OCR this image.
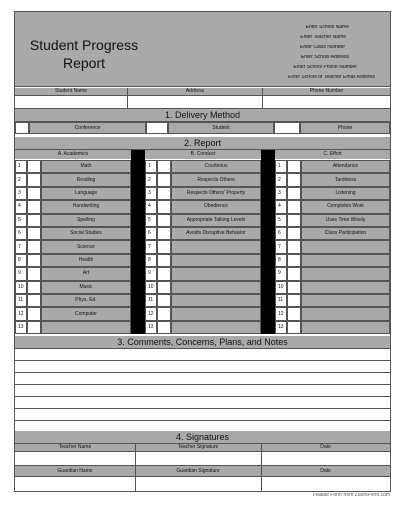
Student Progress
Report
Enter School Name
Enter Teacher Name
Enter Class Number
Enter School Address
Enter School Phone Number
Enter School or Teacher Email Address
Student Name	Address	Phone Number
1. Delivery Method
Conference	Student	Phone
2. Report
A. Academics	B. Conduct	C. Effort
1	Math
2	Reading
3	Language
4	Handwriting
5	Spelling
6	Social Studies
7	Science
8	Health
9	Art
10	Music
11	Phys. Ed.
12	Computer
13
1	Courteous
2	Respects Others
3	Respects Others' Property
4	Obedience
5	Appropriate Talking Levels
6	Avoids Disruptive Behavior
7
8
9
10
11
12
13
1	Attendance
2	Tardiness
3	Listening
4	Completes Work
5	Uses Time Wisely
6	Class Participation
7
8
9
10
11
12
13
3. Comments, Concerns, Plans, and Notes
4. Signatures
Teacher Name	Teacher Signature	Date
Guardian Name	Guardian Signature	Date
Fillable Form from ZoomForm.com
